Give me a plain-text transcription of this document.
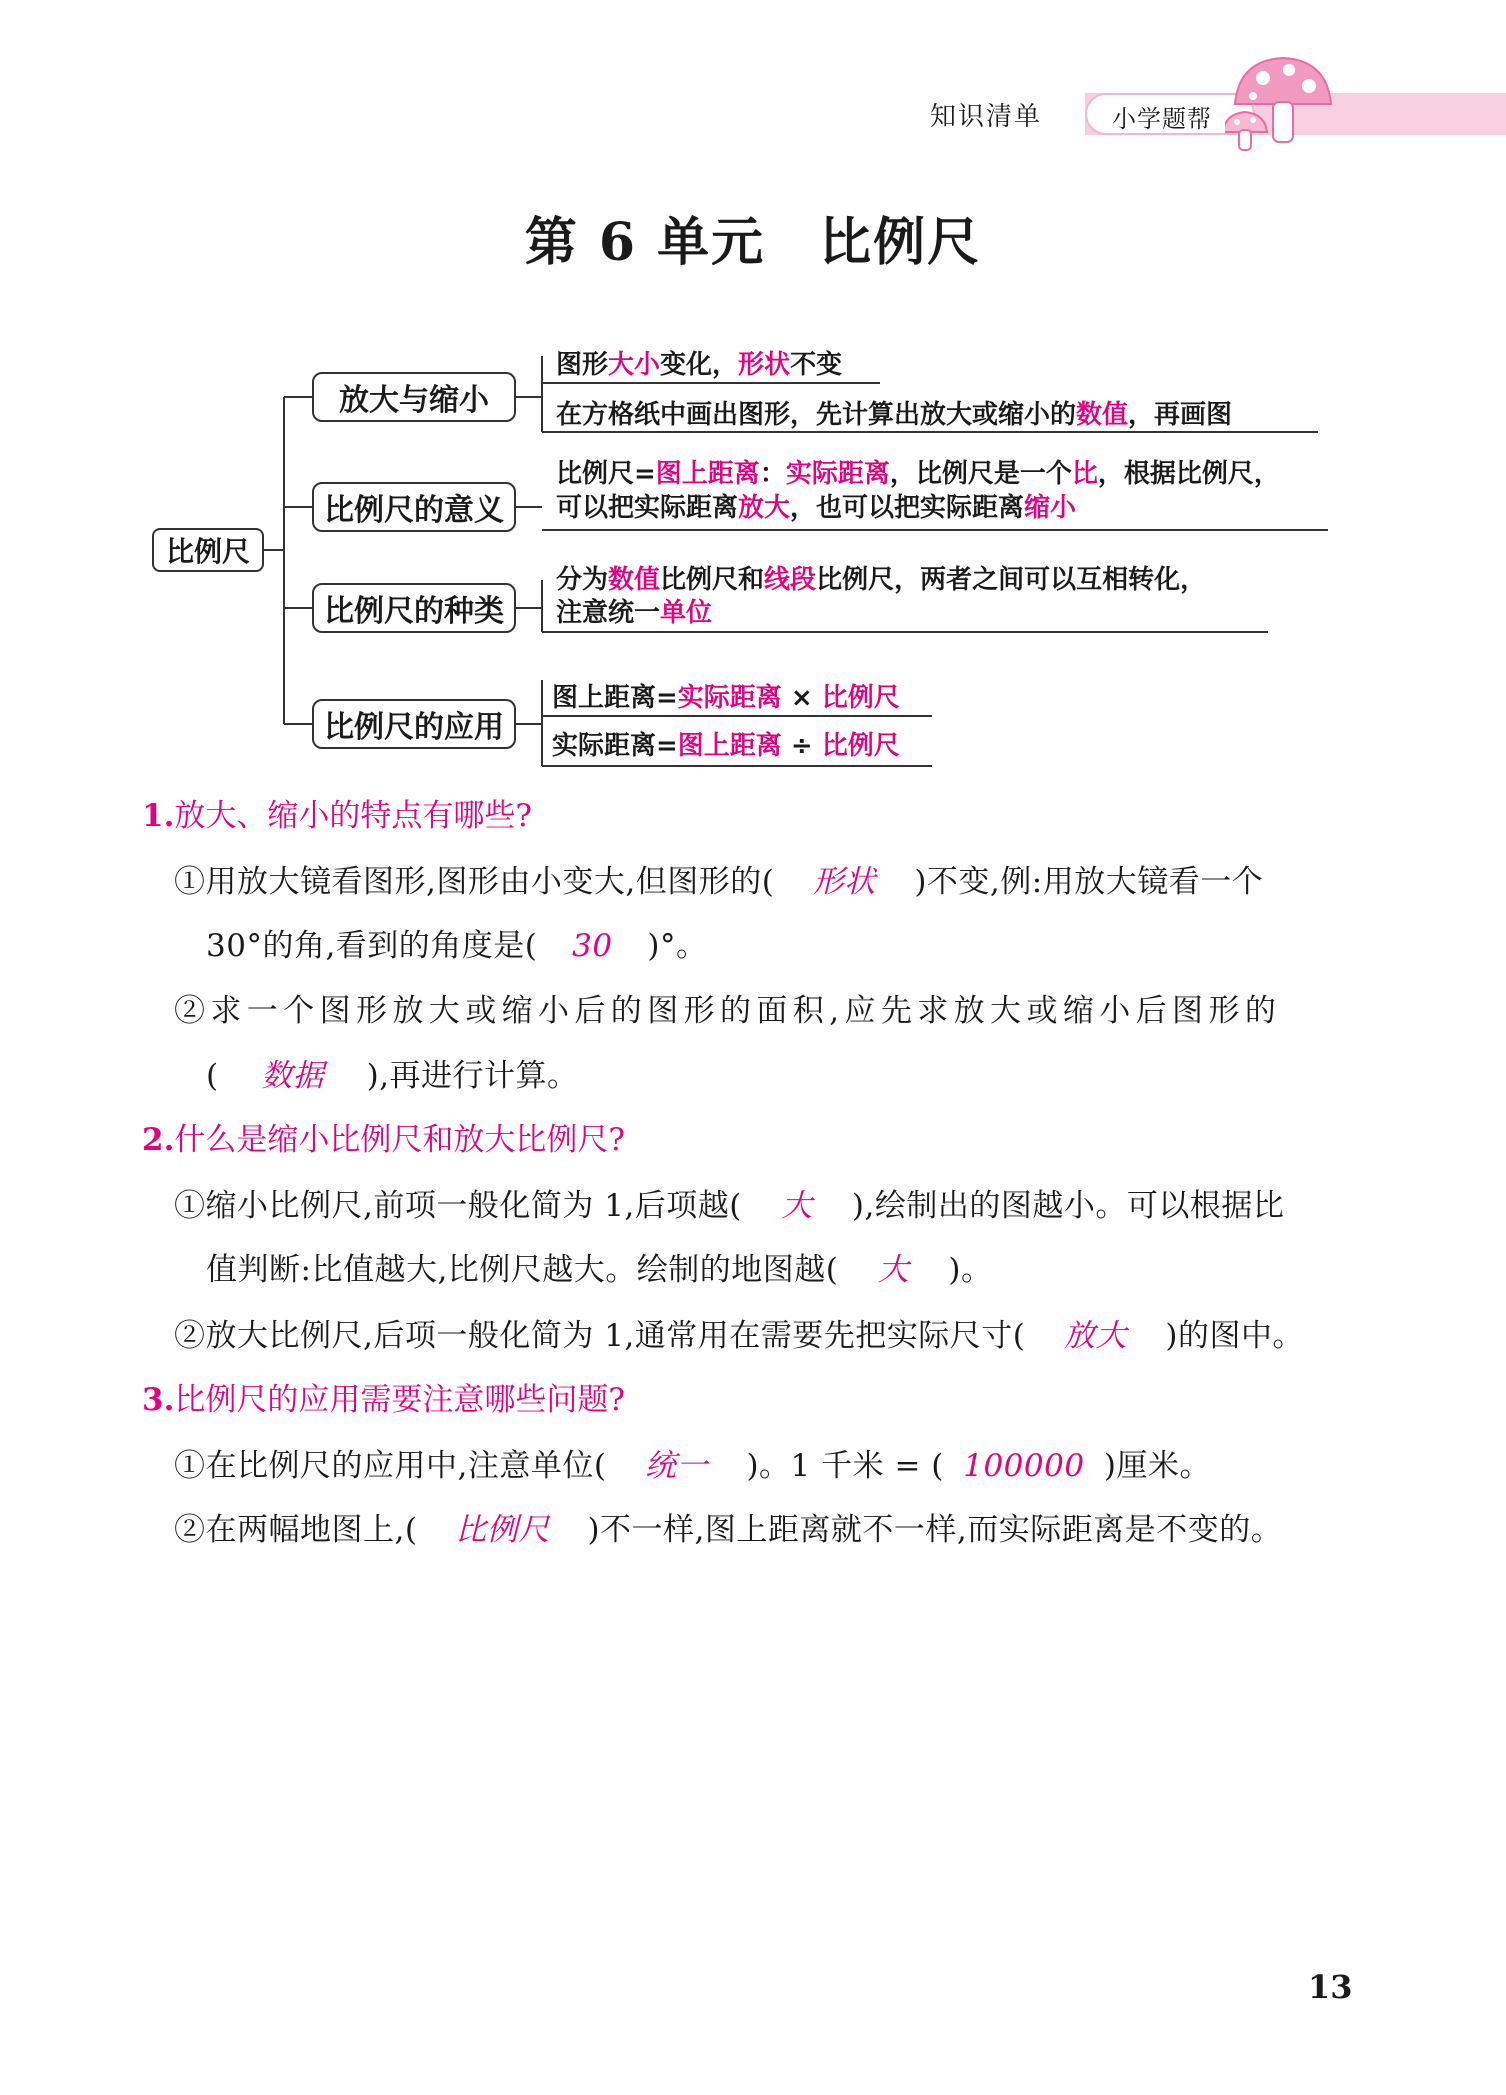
知识清单	小学题帮
第 6 单元　比例尺
比例尺
放大与缩小
比例尺的意义
比例尺的种类
比例尺的应用
图形大小变化，形状不变
在方格纸中画出图形，先计算出放大或缩小的数值，再画图
比例尺=图上距离：实际距离，比例尺是一个比，根据比例尺，
可以把实际距离放大，也可以把实际距离缩小
分为数值比例尺和线段比例尺，两者之间可以互相转化，
注意统一单位
图上距离=实际距离 × 比例尺
实际距离=图上距离 ÷ 比例尺
1.放大、缩小的特点有哪些?
①用放大镜看图形,图形由小变大,但图形的( 形状 )不变,例:用放大镜看一个
30°的角,看到的角度是( 30 )°。
②求一个图形放大或缩小后的图形的面积,应先求放大或缩小后图形的
( 数据 ),再进行计算。
2.什么是缩小比例尺和放大比例尺?
①缩小比例尺,前项一般化简为 1,后项越( 大 ),绘制出的图越小。可以根据比
值判断:比值越大,比例尺越大。绘制的地图越( 大 )。
②放大比例尺,后项一般化简为 1,通常用在需要先把实际尺寸( 放大 )的图中。
3.比例尺的应用需要注意哪些问题?
①在比例尺的应用中,注意单位( 统一 )。1 千米 = ( 100000 )厘米。
②在两幅地图上,( 比例尺 )不一样,图上距离就不一样,而实际距离是不变的。
13
